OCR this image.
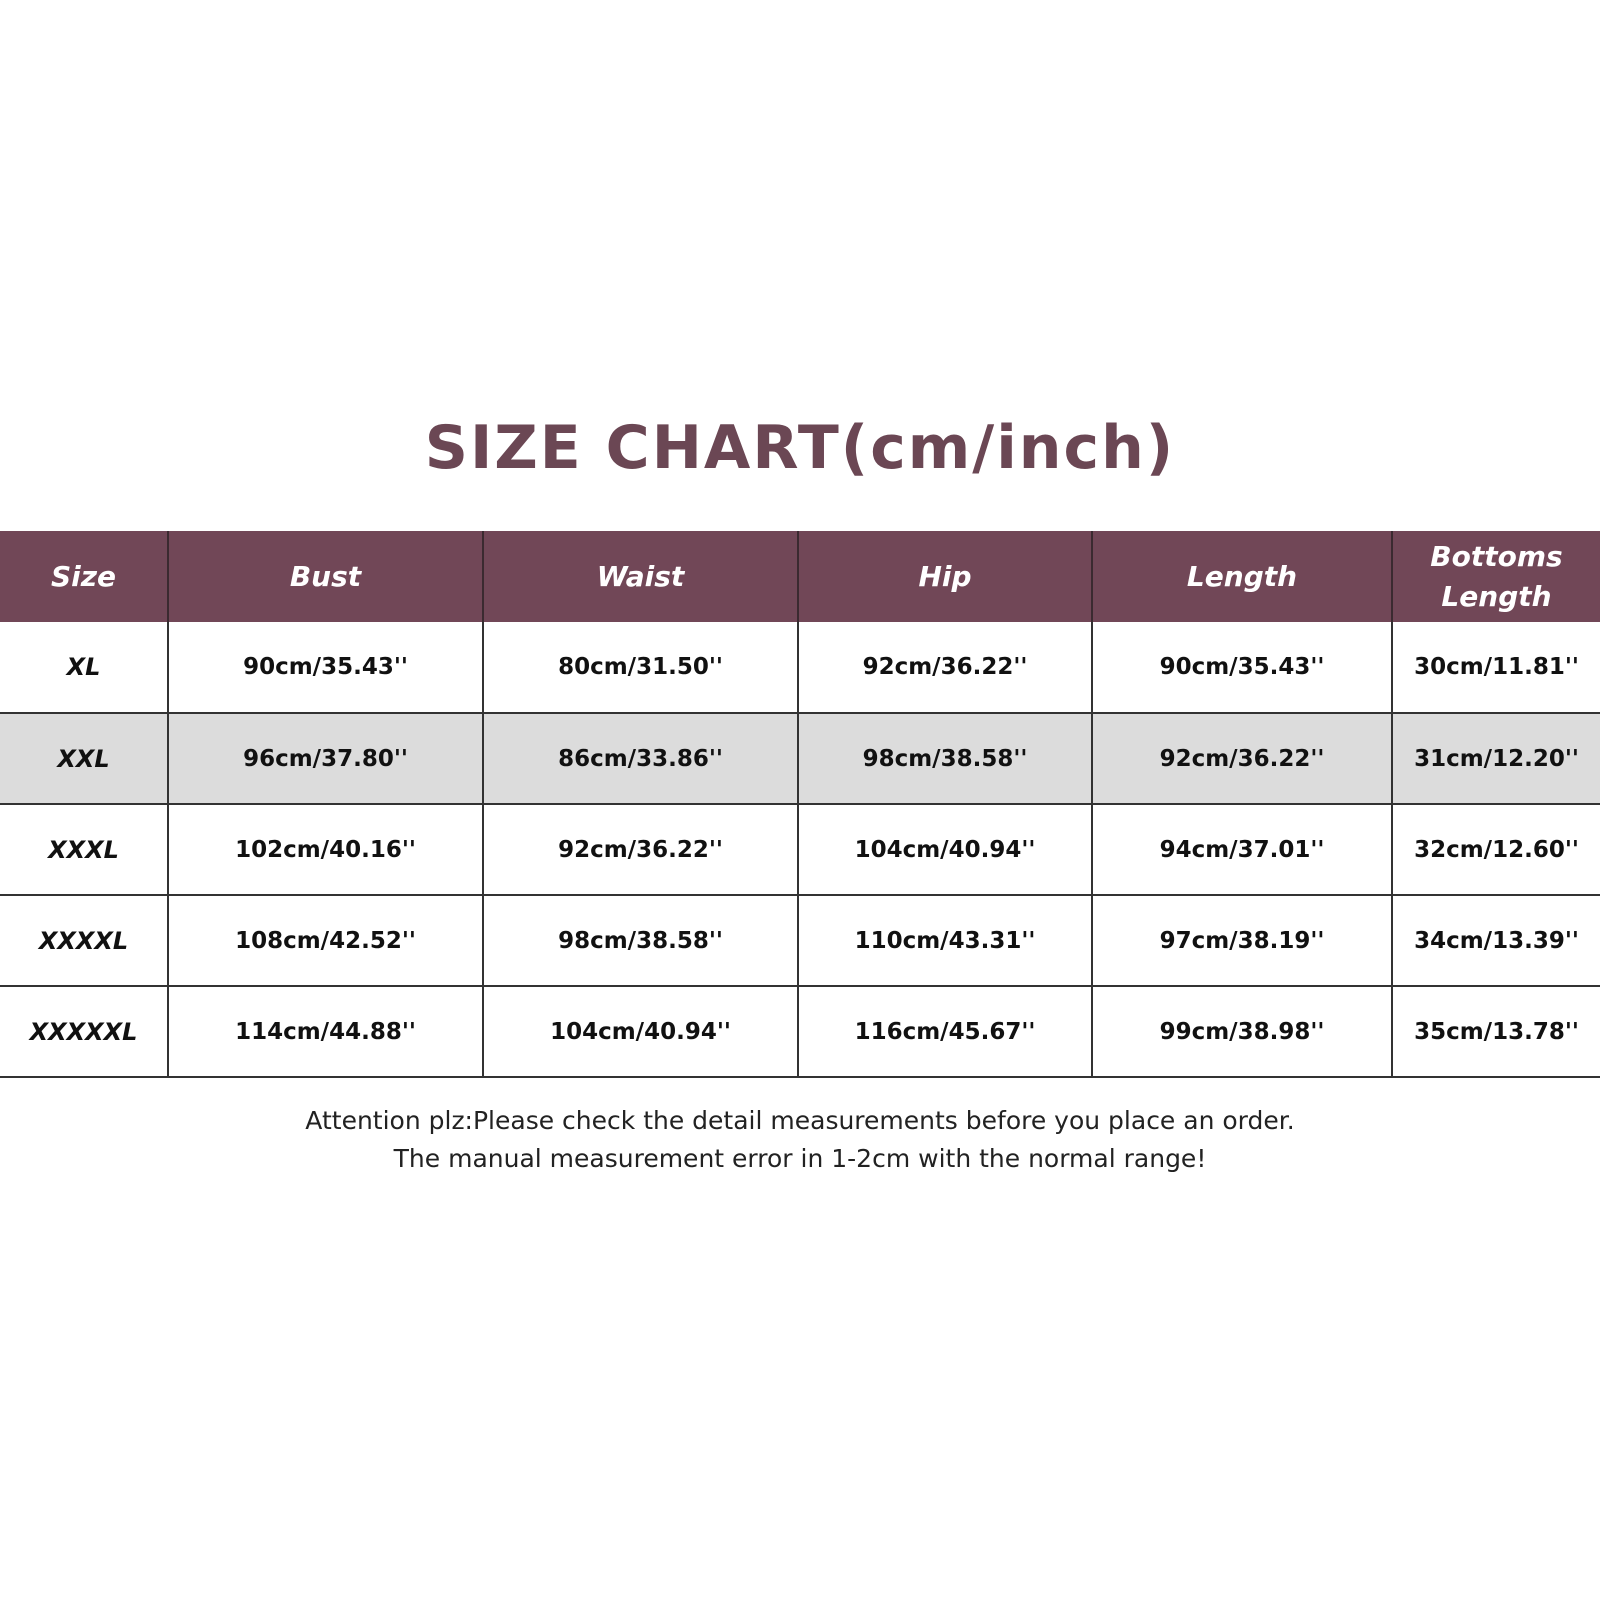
SIZE CHART(cm/inch)
Size	Bust	Waist	Hip	Length	Bottoms Length
XL	90cm/35.43''	80cm/31.50''	92cm/36.22''	90cm/35.43''	30cm/11.81''
XXL	96cm/37.80''	86cm/33.86''	98cm/38.58''	92cm/36.22''	31cm/12.20''
XXXL	102cm/40.16''	92cm/36.22''	104cm/40.94''	94cm/37.01''	32cm/12.60''
XXXXL	108cm/42.52''	98cm/38.58''	110cm/43.31''	97cm/38.19''	34cm/13.39''
XXXXXL	114cm/44.88''	104cm/40.94''	116cm/45.67''	99cm/38.98''	35cm/13.78''
Attention plz:Please check the detail measurements before you place an order.
The manual measurement error in 1-2cm with the normal range!
